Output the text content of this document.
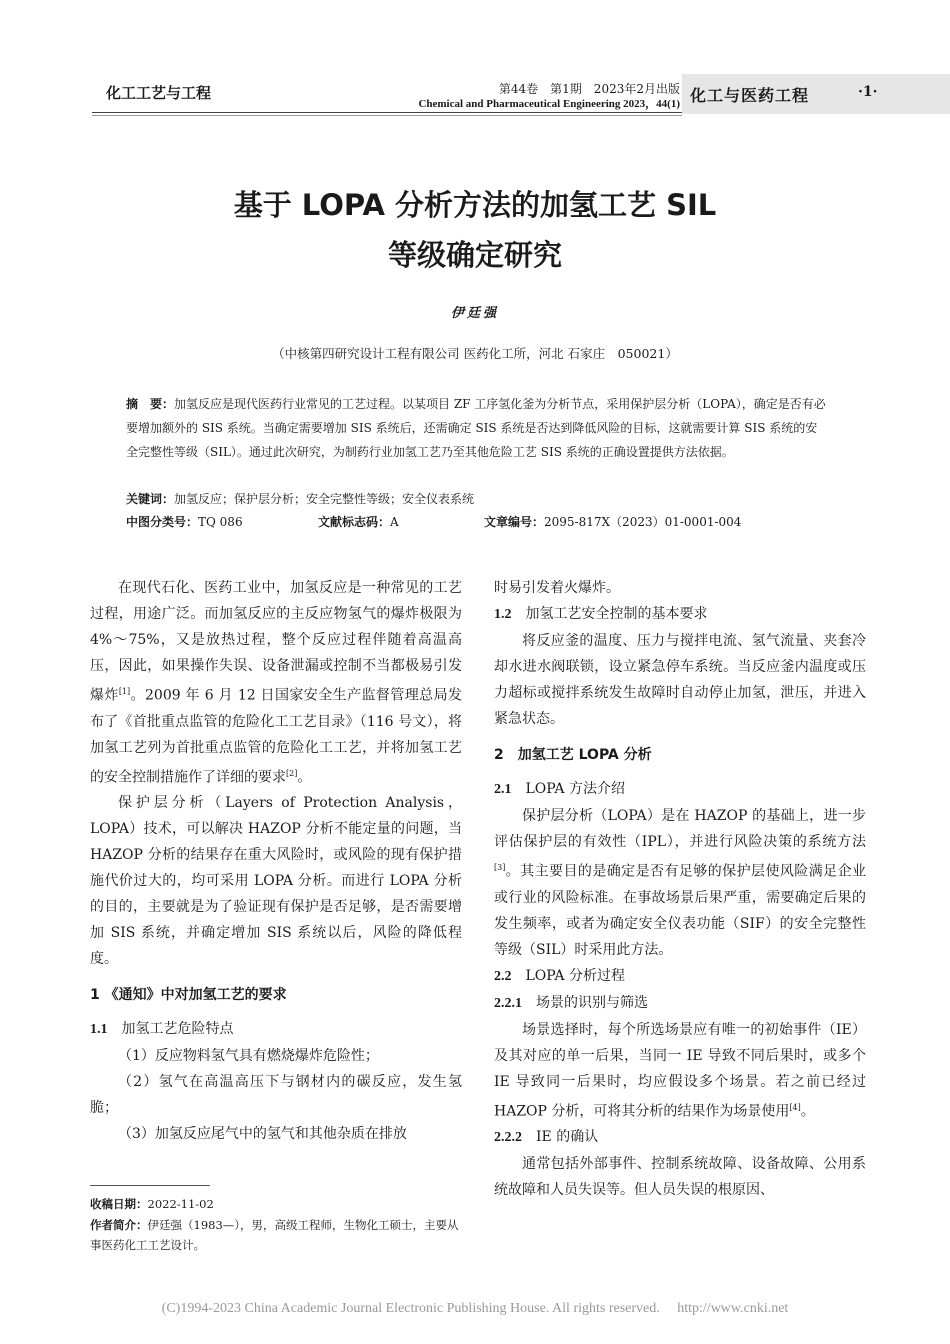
化工工艺与工程	第44卷　第1期　2023年2月出版
Chemical and Pharmaceutical Engineering 2023，44(1) 化工与医药工程	·1·
基于 LOPA 分析方法的加氢工艺 SIL
等级确定研究
伊廷强
（中核第四研究设计工程有限公司 医药化工所，河北 石家庄　050021）
摘　要：加氢反应是现代医药行业常见的工艺过程。以某项目 ZF 工序氢化釜为分析节点，采用保护层分析（LOPA），确定是否有必要增加额外的 SIS 系统。当确定需要增加 SIS 系统后，还需确定 SIS 系统是否达到降低风险的目标，这就需要计算 SIS 系统的安全完整性等级（SIL）。通过此次研究，为制药行业加氢工艺乃至其他危险工艺 SIS 系统的正确设置提供方法依据。
关键词：加氢反应；保护层分析；安全完整性等级；安全仪表系统
中图分类号：TQ 086	文献标志码：A	文章编号：2095-817X（2023）01-0001-004

在现代石化、医药工业中，加氢反应是一种常见的工艺过程，用途广泛。而加氢反应的主反应物氢气的爆炸极限为 4%～75%，又是放热过程，整个反应过程伴随着高温高压，因此，如果操作失误、设备泄漏或控制不当都极易引发爆炸[1]。2009 年 6 月 12 日国家安全生产监督管理总局发布了《首批重点监管的危险化工工艺目录》（116 号文），将加氢工艺列为首批重点监管的危险化工工艺，并将加氢工艺的安全控制措施作了详细的要求[2]。

保护层分析（Layers of Protection Analysis，LOPA）技术，可以解决 HAZOP 分析不能定量的问题，当 HAZOP 分析的结果存在重大风险时，或风险的现有保护措施代价过大的，均可采用 LOPA 分析。而进行 LOPA 分析的目的，主要就是为了验证现有保护是否足够，是否需要增加 SIS 系统，并确定增加 SIS 系统以后，风险的降低程度。

1 《通知》中对加氢工艺的要求

1.1　 加氢工艺危险特点

（1）反应物料氢气具有燃烧爆炸危险性；

（2）氢气在高温高压下与钢材内的碳反应，发生氢脆；

（3）加氢反应尾气中的氢气和其他杂质在排放

收稿日期：2022-11-02
作者简介：伊廷强（1983—），男，高级工程师，生物化工硕士，主要从事医药化工工艺设计。

时易引发着火爆炸。

1.2　 加氢工艺安全控制的基本要求

将反应釜的温度、压力与搅拌电流、氢气流量、夹套冷却水进水阀联锁，设立紧急停车系统。当反应釜内温度或压力超标或搅拌系统发生故障时自动停止加氢，泄压，并进入紧急状态。

2　加氢工艺 LOPA 分析

2.1　 LOPA 方法介绍

保护层分析（LOPA）是在 HAZOP 的基础上，进一步评估保护层的有效性（IPL），并进行风险决策的系统方法[3]。其主要目的是确定是否有足够的保护层使风险满足企业或行业的风险标准。在事故场景后果严重，需要确定后果的发生频率，或者为确定安全仪表功能（SIF）的安全完整性等级（SIL）时采用此方法。

2.2　 LOPA 分析过程

2.2.1　 场景的识别与筛选

场景选择时，每个所选场景应有唯一的初始事件（IE）及其对应的单一后果，当同一 IE 导致不同后果时，或多个 IE 导致同一后果时，均应假设多个场景。若之前已经过 HAZOP 分析，可将其分析的结果作为场景使用[4]。

2.2.2　 IE 的确认

通常包括外部事件、控制系统故障、设备故障、公用系统故障和人员失误等。但人员失误的根原因、

(C)1994-2023 China Academic Journal Electronic Publishing House. All rights reserved.　 http://www.cnki.net
